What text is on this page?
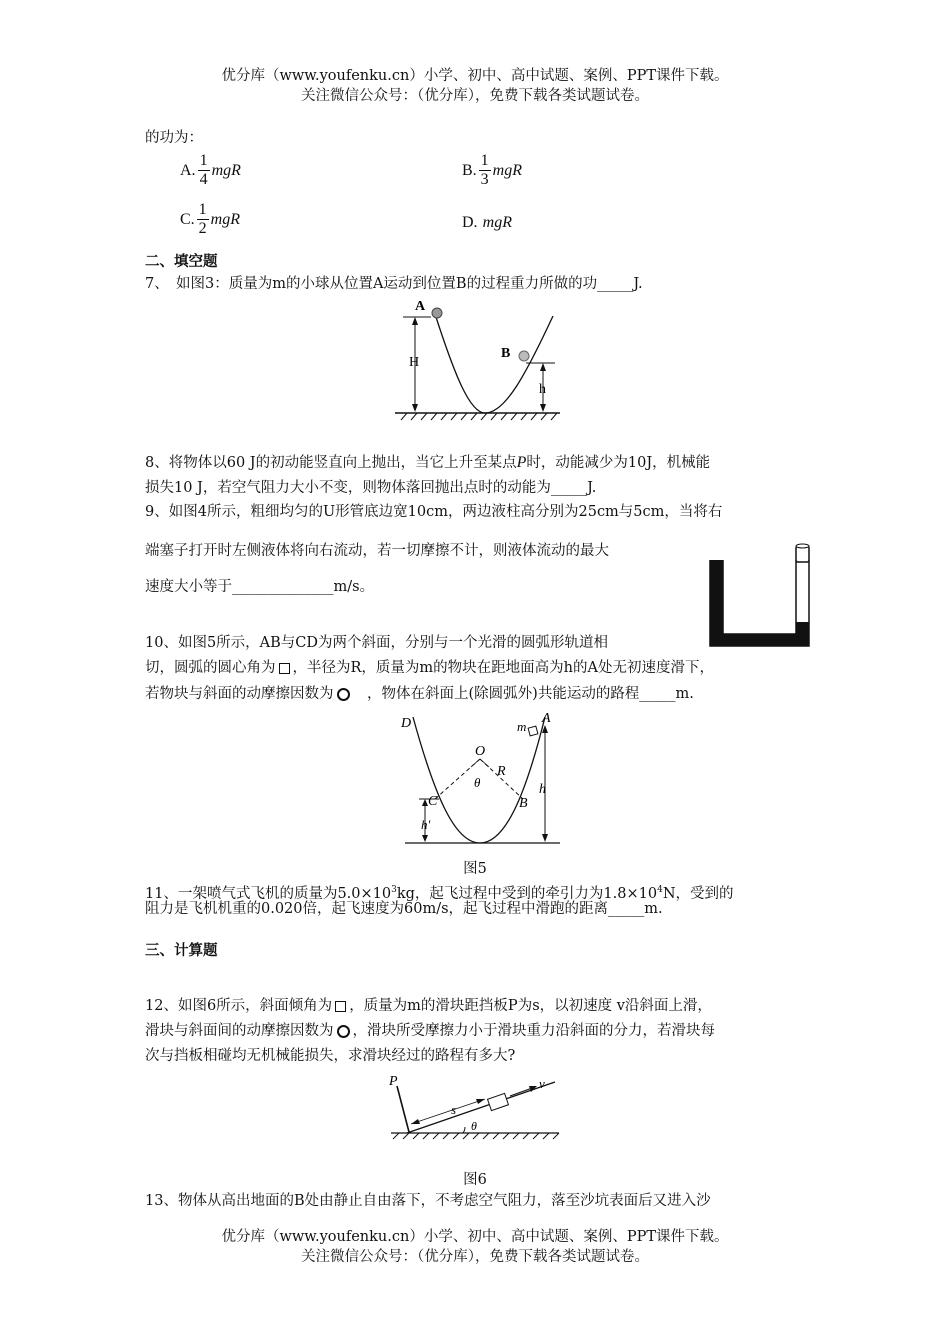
优分库（www.youfenku.cn）小学、初中、高中试题、案例、PPT课件下载。
关注微信公众号：（优分库），免费下载各类试题试卷。
的功为：
A. $\frac{1}{4}$ mgR	B. $\frac{1}{3}$ mgR
C. $\frac{1}{2}$ mgR	D. mgR
二、填空题
7、　如图3：质量为m的小球从位置A运动到位置B的过程重力所做的功_____J.
A
B
H
h
8、将物体以60 J的初动能竖直向上抛出，当它上升至某点P时，动能减少为10J，机械能
损失10 J，若空气阻力大小不变，则物体落回抛出点时的动能为_____J.
9、如图4所示，粗细均匀的U形管底边宽10cm，两边液柱高分别为25cm与5cm，当将右
端塞子打开时左侧液体将向右流动，若一切摩擦不计，则液体流动的最大
速度大小等于______________m/s。
10、如图5所示，AB与CD为两个斜面，分别与一个光滑的圆弧形轨道相
切，圆弧的圆心角为 ，半径为R，质量为m的物块在距地面高为h的A处无初速度滑下，
若物块与斜面的动摩擦因数为　，物体在斜面上(除圆弧外)共能运动的路程_____m.
D
O
m
A
R
θ
C	B
h
h′
图5
11、一架喷气式飞机的质量为$5.0\times 10^3kg$，起飞过程中受到的牵引力为$1.8\times 10^4N$，受到的
阻力是飞机机重的0.020倍，起飞速度为60m/s，起飞过程中滑跑的距离_____m.
三、计算题
12、如图6所示，斜面倾角为 ，质量为m的滑块距挡板P为s，以初速度 v沿斜面上滑，
滑块与斜面间的动摩擦因数为 ，滑块所受摩擦力小于滑块重力沿斜面的分力，若滑块每
次与挡板相碰均无机械能损失，求滑块经过的路程有多大?
P
s
v
θ
图6
13、物体从高出地面的B处由静止自由落下，不考虑空气阻力，落至沙坑表面后又进入沙
优分库（www.youfenku.cn）小学、初中、高中试题、案例、PPT课件下载。
关注微信公众号：（优分库），免费下载各类试题试卷。
